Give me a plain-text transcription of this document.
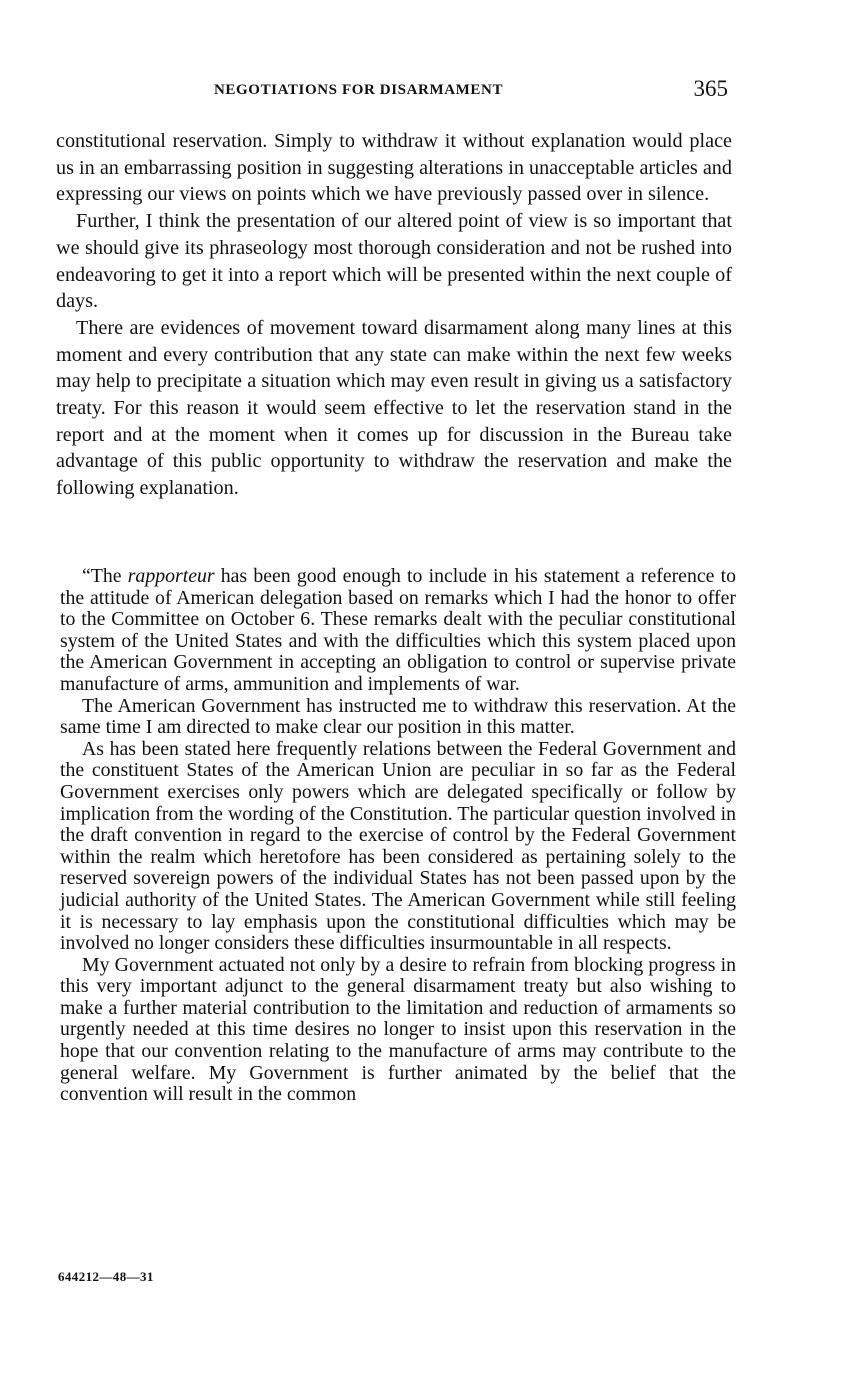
NEGOTIATIONS FOR DISARMAMENT	365

constitutional reservation. Simply to withdraw it without explanation would place us in an embarrassing position in suggesting alterations in unacceptable articles and expressing our views on points which we have previously passed over in silence.

Further, I think the presentation of our altered point of view is so important that we should give its phraseology most thorough consideration and not be rushed into endeavoring to get it into a report which will be presented within the next couple of days.

There are evidences of movement toward disarmament along many lines at this moment and every contribution that any state can make within the next few weeks may help to precipitate a situation which may even result in giving us a satisfactory treaty. For this reason it would seem effective to let the reservation stand in the report and at the moment when it comes up for discussion in the Bureau take advantage of this public opportunity to withdraw the reservation and make the following explanation.

“The rapporteur has been good enough to include in his statement a reference to the attitude of American delegation based on remarks which I had the honor to offer to the Committee on October 6. These remarks dealt with the peculiar constitutional system of the United States and with the difficulties which this system placed upon the American Government in accepting an obligation to control or supervise private manufacture of arms, ammunition and implements of war.

The American Government has instructed me to withdraw this reservation. At the same time I am directed to make clear our position in this matter.

As has been stated here frequently relations between the Federal Government and the constituent States of the American Union are peculiar in so far as the Federal Government exercises only powers which are delegated specifically or follow by implication from the wording of the Constitution. The particular question involved in the draft convention in regard to the exercise of control by the Federal Government within the realm which heretofore has been considered as pertaining solely to the reserved sovereign powers of the individual States has not been passed upon by the judicial authority of the United States. The American Government while still feeling it is necessary to lay emphasis upon the constitutional difficulties which may be involved no longer considers these difficulties insurmountable in all respects.

My Government actuated not only by a desire to refrain from blocking progress in this very important adjunct to the general disarmament treaty but also wishing to make a further material contribution to the limitation and reduction of armaments so urgently needed at this time desires no longer to insist upon this reservation in the hope that our convention relating to the manufacture of arms may contribute to the general welfare. My Government is further animated by the belief that the convention will result in the common

644212—48—31
